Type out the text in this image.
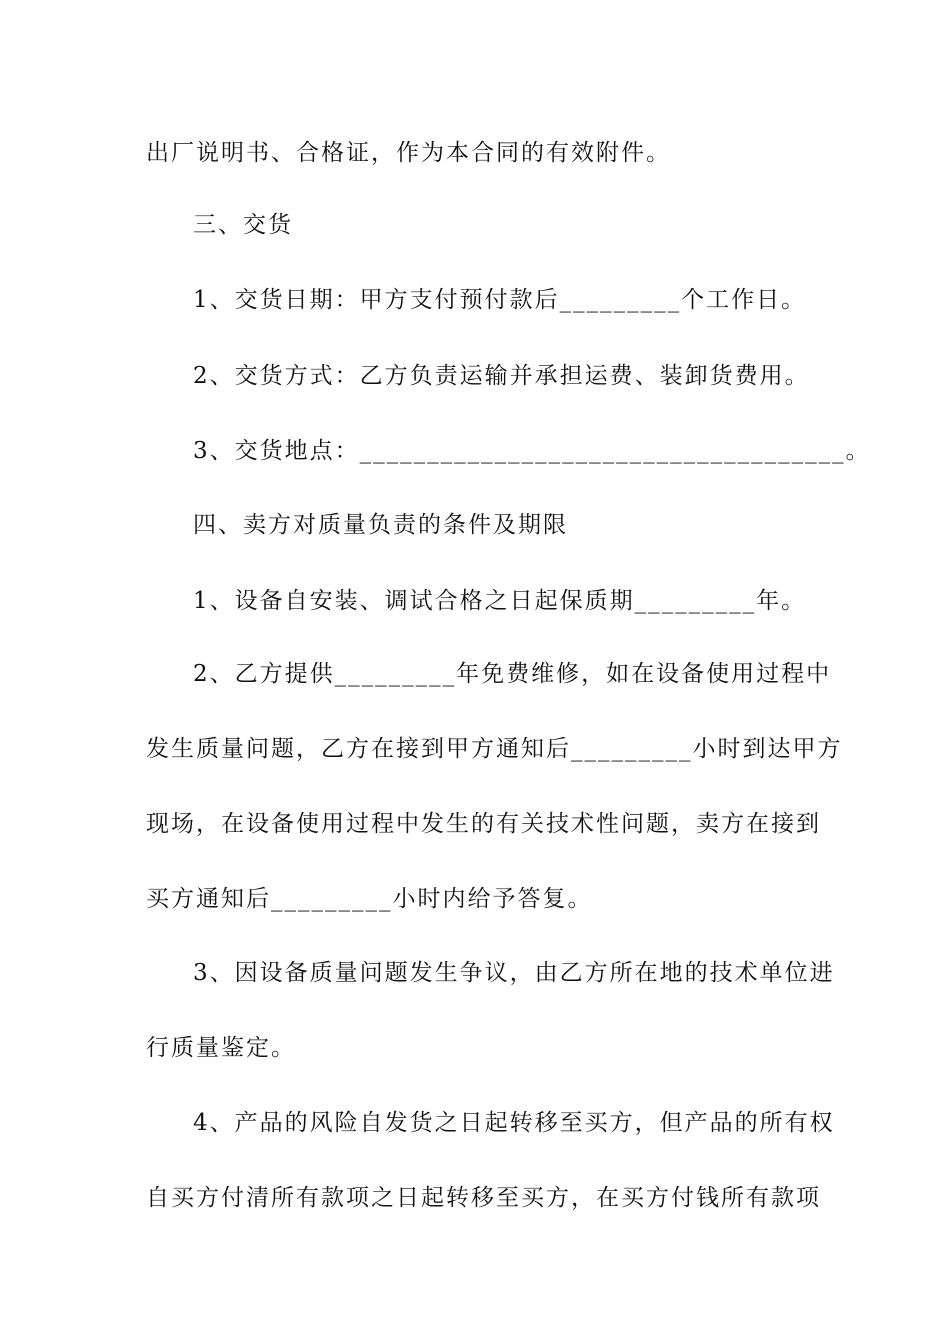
出厂说明书、合格证，作为本合同的有效附件。
三、交货
1、交货日期：甲方支付预付款后_________个工作日。
2、交货方式：乙方负责运输并承担运费、装卸货费用。
3、交货地点：____________________________________。
四、卖方对质量负责的条件及期限
1、设备自安装、调试合格之日起保质期_________年。
2、乙方提供_________年免费维修，如在设备使用过程中
发生质量问题，乙方在接到甲方通知后_________小时到达甲方
现场，在设备使用过程中发生的有关技术性问题，卖方在接到
买方通知后_________小时内给予答复。
3、因设备质量问题发生争议，由乙方所在地的技术单位进
行质量鉴定。
4、产品的风险自发货之日起转移至买方，但产品的所有权
自买方付清所有款项之日起转移至买方，在买方付钱所有款项
